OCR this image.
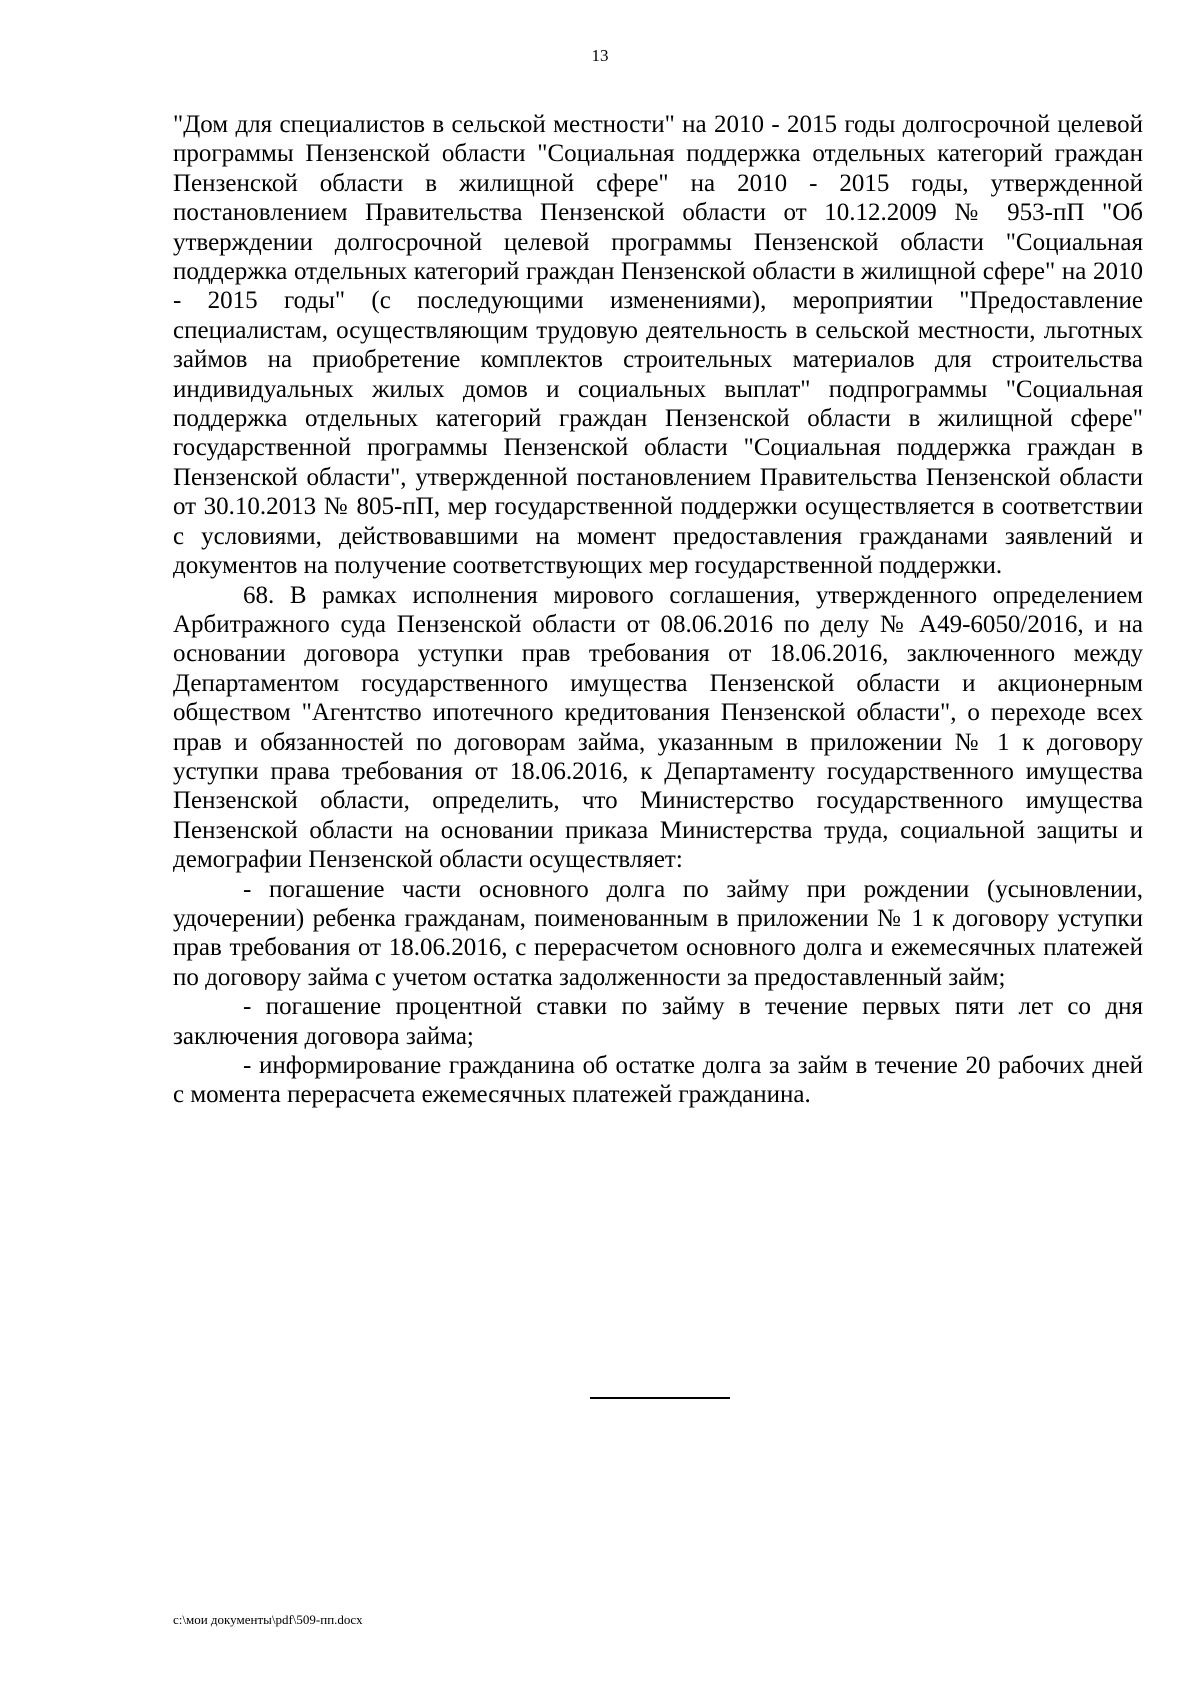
13

"Дом для специалистов в сельской местности" на 2010 - 2015 годы долгосрочной целевой программы Пензенской области "Социальная поддержка отдельных категорий граждан Пензенской области в жилищной сфере" на 2010 - 2015 годы, утвержденной постановлением Правительства Пензенской области от 10.12.2009 № 953-пП "Об утверждении долгосрочной целевой программы Пензенской области "Социальная поддержка отдельных категорий граждан Пензенской области в жилищной сфере" на 2010 - 2015 годы" (с последующими изменениями), мероприятии "Предоставление специалистам, осуществляющим трудовую деятельность в сельской местности, льготных займов на приобретение комплектов строительных материалов для строительства индивидуальных жилых домов и социальных выплат" подпрограммы "Социальная поддержка отдельных категорий граждан Пензенской области в жилищной сфере" государственной программы Пензенской области "Социальная поддержка граждан в Пензенской области", утвержденной постановлением Правительства Пензенской области от 30.10.2013 № 805-пП, мер государственной поддержки осуществляется в соответствии с условиями, действовавшими на момент предоставления гражданами заявлений и документов на получение соответствующих мер государственной поддержки.

68. В рамках исполнения мирового соглашения, утвержденного определением Арбитражного суда Пензенской области от 08.06.2016 по делу № А49-6050/2016, и на основании договора уступки прав требования от 18.06.2016, заключенного между Департаментом государственного имущества Пензенской области и акционерным обществом "Агентство ипотечного кредитования Пензенской области", о переходе всех прав и обязанностей по договорам займа, указанным в приложении № 1 к договору уступки права требования от 18.06.2016, к Департаменту государственного имущества Пензенской области, определить, что Министерство государственного имущества Пензенской области на основании приказа Министерства труда, социальной защиты и демографии Пензенской области осуществляет:

- погашение части основного долга по займу при рождении (усыновлении, удочерении) ребенка гражданам, поименованным в приложении № 1 к договору уступки прав требования от 18.06.2016, с перерасчетом основного долга и ежемесячных платежей по договору займа с учетом остатка задолженности за предоставленный займ;

- погашение процентной ставки по займу в течение первых пяти лет со дня заключения договора займа;

- информирование гражданина об остатке долга за займ в течение 20 рабочих дней с момента перерасчета ежемесячных платежей гражданина.

c:\мои документы\pdf\509-пп.docx
